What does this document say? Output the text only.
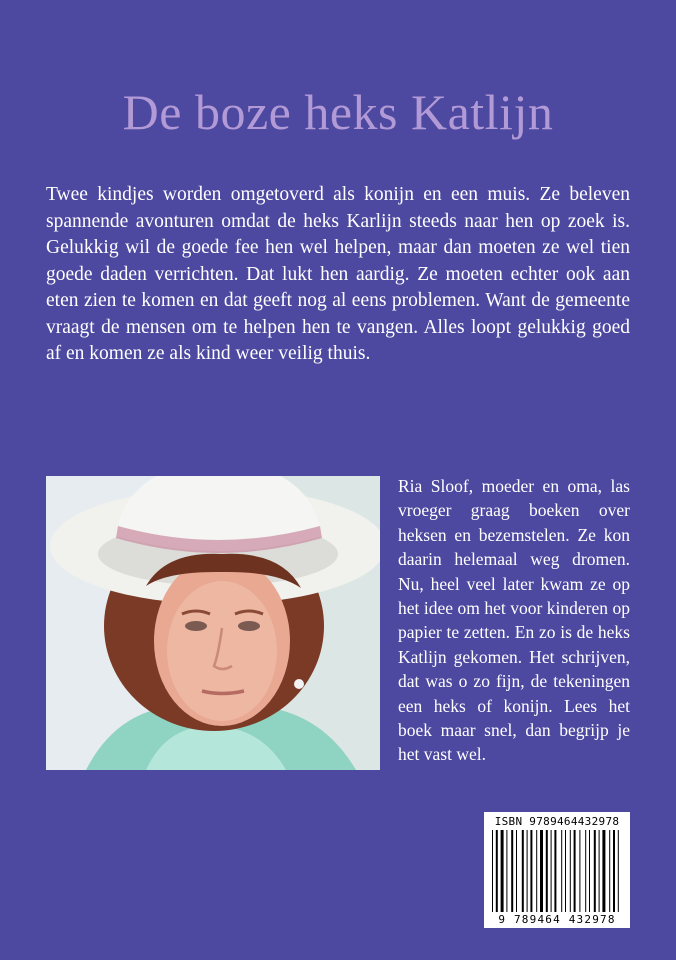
De boze heks Katlijn

Twee kindjes worden omgetoverd als konijn en een muis. Ze beleven spannende avonturen omdat de heks Karlijn steeds naar hen op zoek is. Gelukkig wil de goede fee hen wel helpen, maar dan moeten ze wel tien goede daden verrichten. Dat lukt hen aardig. Ze moeten echter ook aan eten zien te komen en dat geeft nog al eens problemen. Want de gemeente vraagt de mensen om te helpen hen te vangen. Alles loopt gelukkig goed af en komen ze als kind weer veilig thuis.

Ria Sloof, moeder en oma, las vroeger graag boeken over heksen en bezemstelen. Ze kon daarin helemaal weg dromen. Nu, heel veel later kwam ze op het idee om het voor kinderen op papier te zetten. En zo is de heks Katlijn gekomen. Het schrijven, dat was o zo fijn, de tekeningen een heks of konijn. Lees het boek maar snel, dan begrijp je het vast wel.

ISBN 9789464432978
9 789464 432978
